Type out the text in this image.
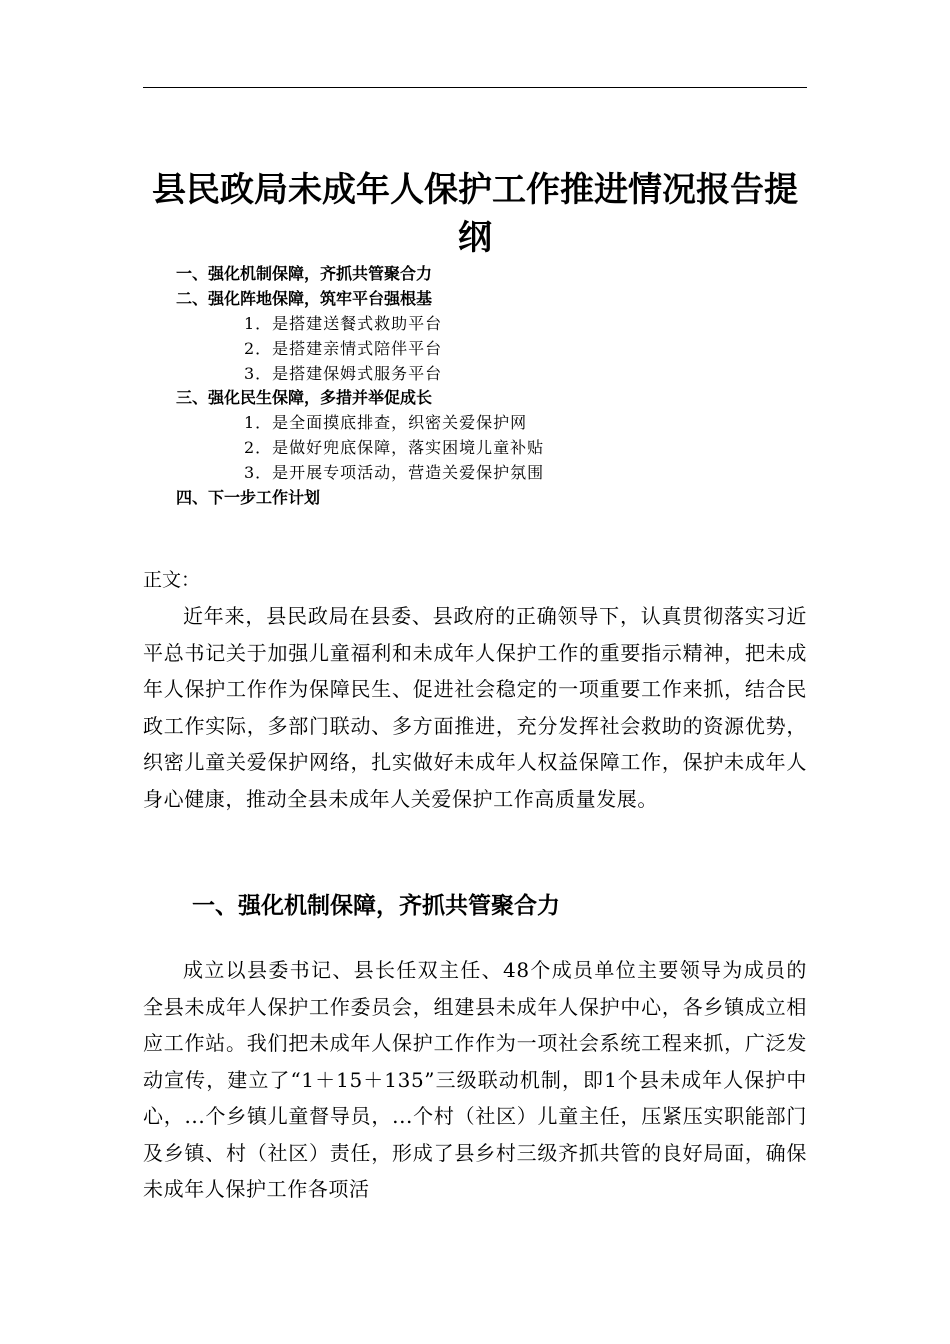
县民政局未成年人保护工作推进情况报告提纲
一、强化机制保障，齐抓共管聚合力
二、强化阵地保障，筑牢平台强根基
1．是搭建送餐式救助平台
2．是搭建亲情式陪伴平台
3．是搭建保姆式服务平台
三、强化民生保障，多措并举促成长
1．是全面摸底排查，织密关爱保护网
2．是做好兜底保障，落实困境儿童补贴
3．是开展专项活动，营造关爱保护氛围
四、下一步工作计划
正文：

近年来，县民政局在县委、县政府的正确领导下，认真贯彻落实习近平总书记关于加强儿童福利和未成年人保护工作的重要指示精神，把未成年人保护工作作为保障民生、促进社会稳定的一项重要工作来抓，结合民政工作实际，多部门联动、多方面推进，充分发挥社会救助的资源优势，织密儿童关爱保护网络，扎实做好未成年人权益保障工作，保护未成年人身心健康，推动全县未成年人关爱保护工作高质量发展。

一、强化机制保障，齐抓共管聚合力

成立以县委书记、县长任双主任、48个成员单位主要领导为成员的全县未成年人保护工作委员会，组建县未成年人保护中心，各乡镇成立相应工作站。我们把未成年人保护工作作为一项社会系统工程来抓，广泛发动宣传，建立了“1＋15＋135”三级联动机制，即1个县未成年人保护中心，...个乡镇儿童督导员，...个村（社区）儿童主任，压紧压实职能部门及乡镇、村（社区）责任，形成了县乡村三级齐抓共管的良好局面，确保未成年人保护工作各项活
